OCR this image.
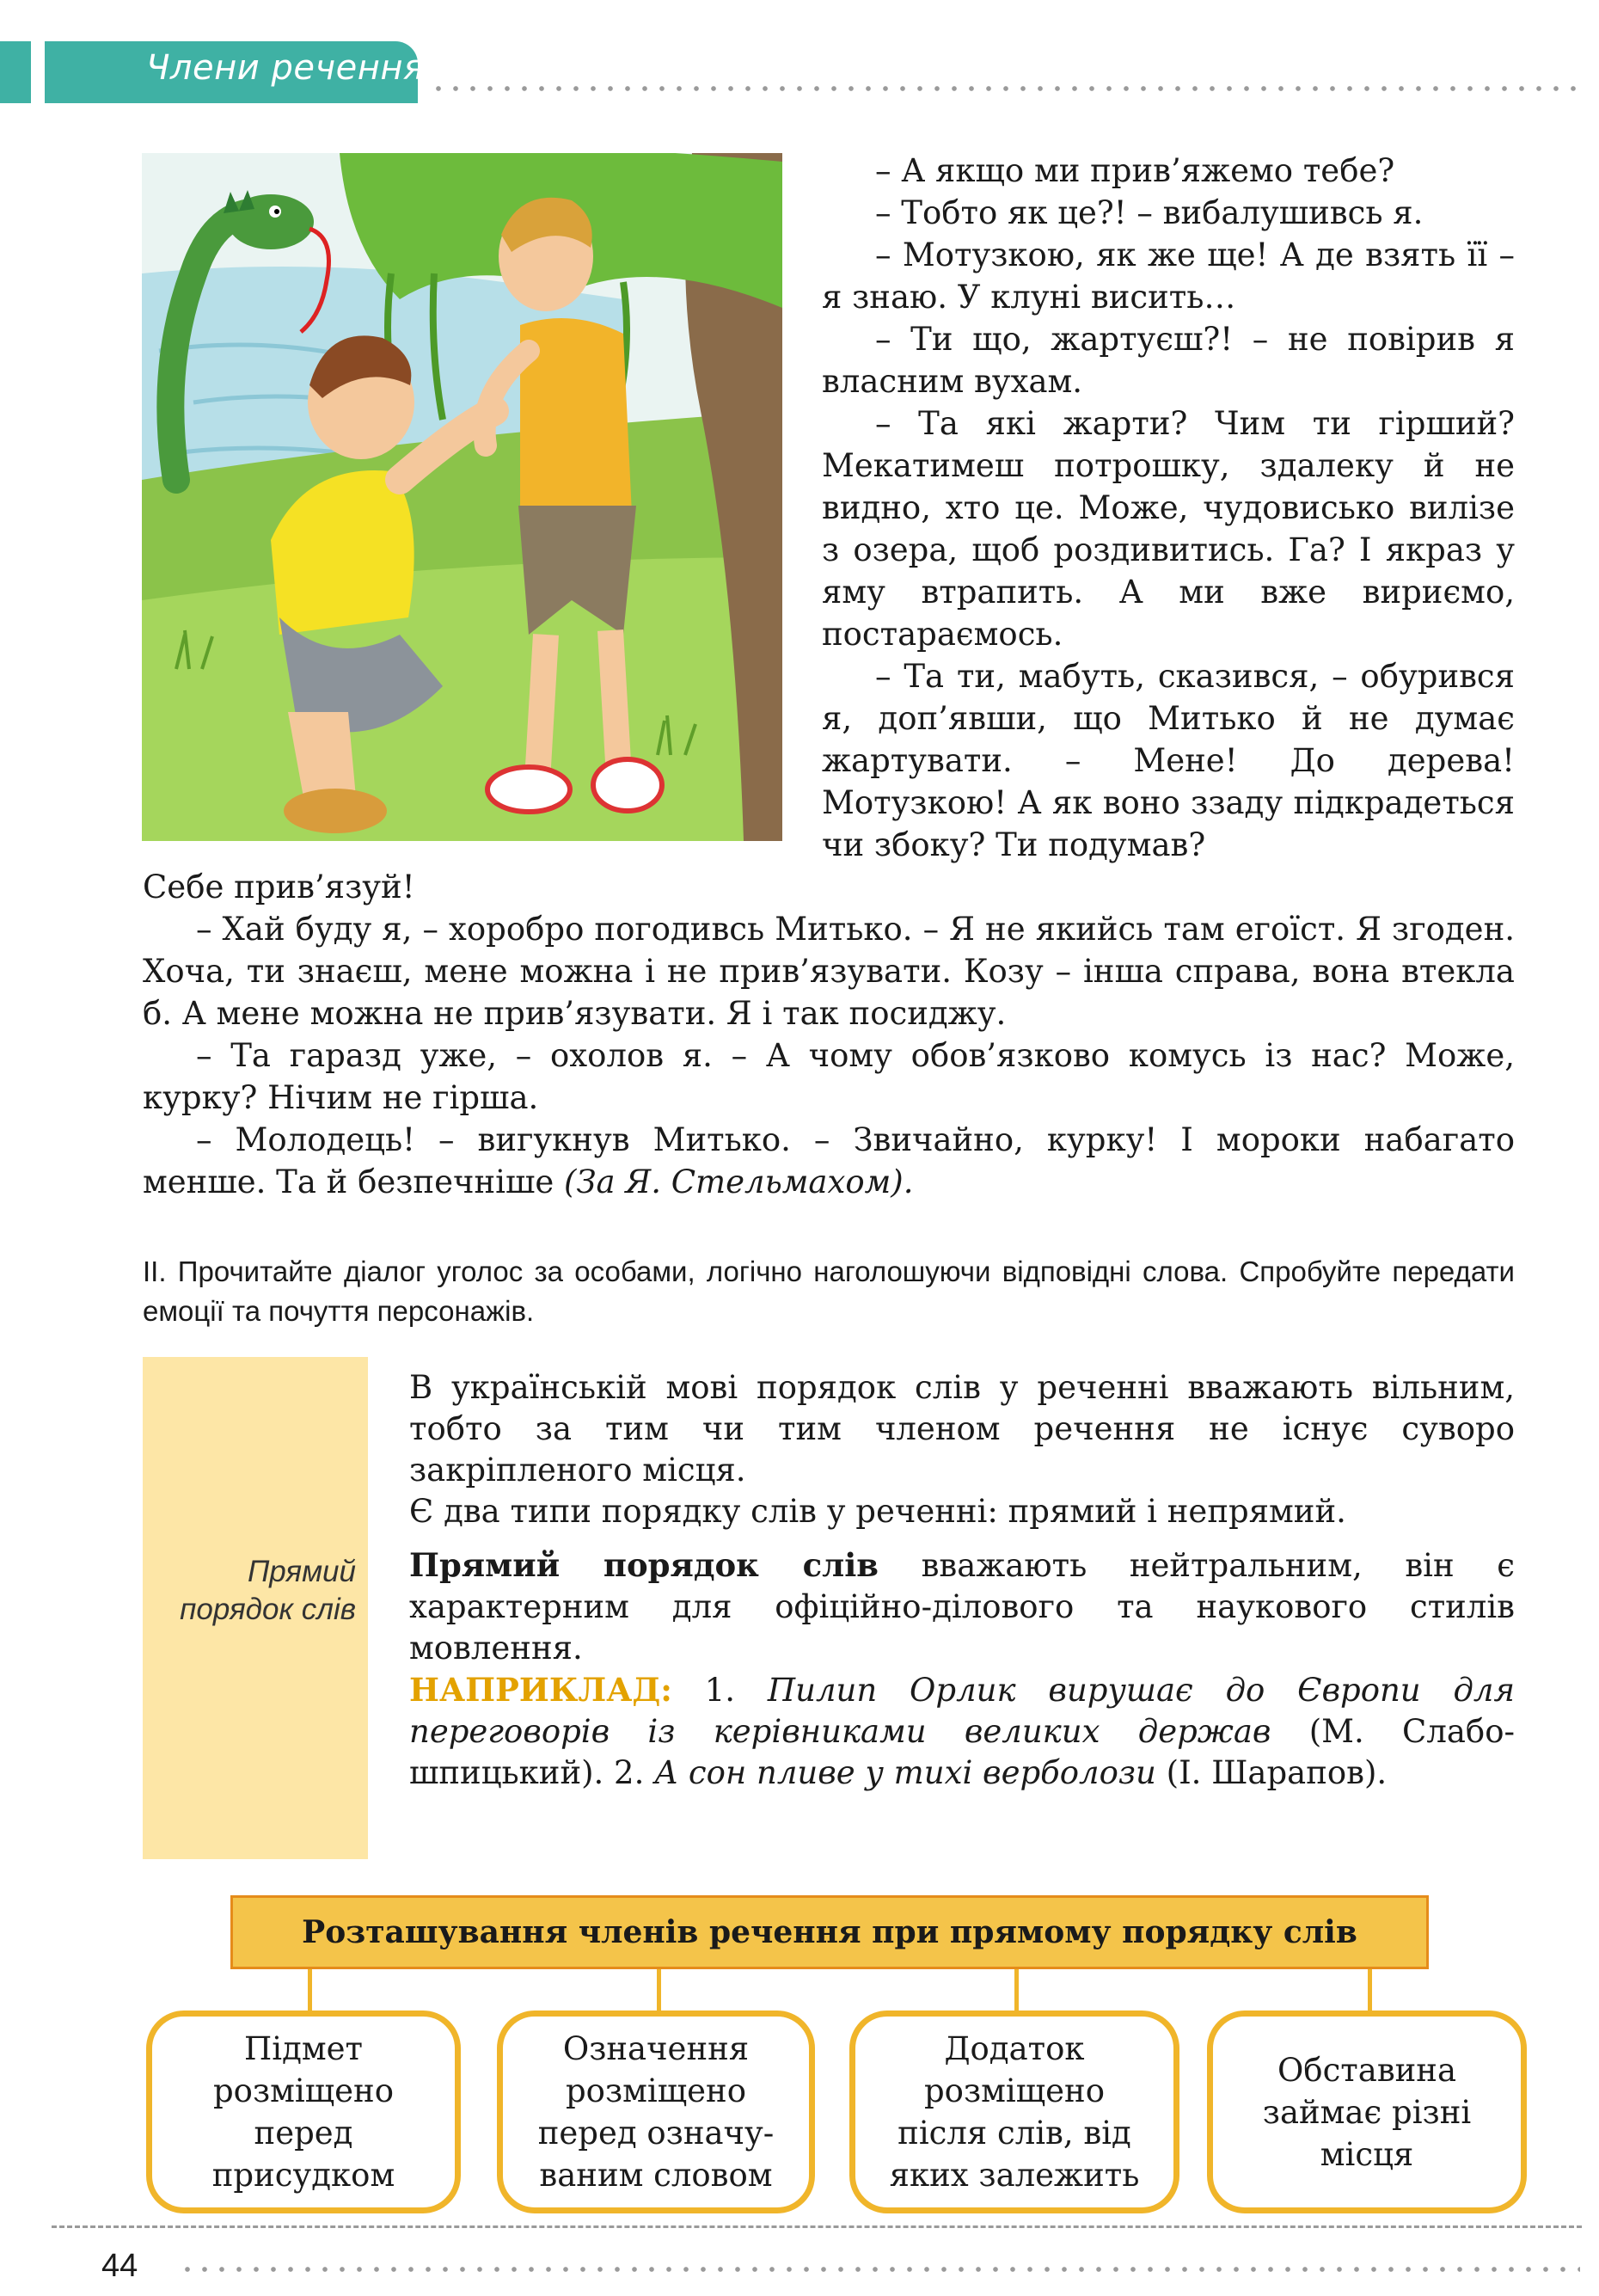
Члени речення

– А якщо ми прив’яжемо тебе?

– Тобто як це?! – вибалушивсь я.

– Мотузкою, як же ще! А де взять її – я знаю. У клуні висить…

– Ти що, жартуєш?! – не повірив я власним вухам.

– Та які жарти? Чим ти гірший? Мекатимеш потрошку, здалеку й не видно, хто це. Може, чудовисько вилізе з озера, щоб роздивитись. Га? І якраз у яму втрапить. А ми вже вириємо, постараємось.

– Та ти, мабуть, сказився, – обурився я, доп’явши, що Митько й не думає жартувати. – Мене! До дерева! Мотузкою! А як воно ззаду підкрадеться чи збоку? Ти подумав?

Себе прив’язуй!

– Хай буду я, – хоробро погодивсь Митько. – Я не якийсь там егоїст. Я згоден. Хоча, ти знаєш, мене можна і не прив’язувати. Козу – інша справа, вона втекла б. А мене можна не прив’язувати. Я і так посиджу.

– Та гаразд уже, – охолов я. – А чому обов’язково комусь із нас? Може, курку? Нічим не гірша.

– Молодець! – вигукнув Митько. – Звичайно, курку! І мороки набагато менше. Та й безпечніше (За Я. Стельмахом).

ІІ. Прочитайте діалог уголос за особами, логічно наголошуючи відповідні слова. Спробуйте передати емоції та почуття персонажів.
Прямий порядок слів

В українській мові порядок слів у реченні вважають вільним, тобто за тим чи тим членом речення не існує суворо закріпленого місця.

Є два типи порядку слів у реченні: прямий і непрямий.

Прямий порядок слів вважають нейтральним, він є характерним для офіційно-ділового та наукового стилів мовлення.

НАПРИКЛАД: 1. Пилип Орлик вирушає до Європи для переговорів із керівниками великих держав (М. Слабошпицький). 2. А сон пливе у тихі верболози (І. Шарапов).

Розташування членів речення при прямому порядку слів
Підмет
розміщено
перед
присудком
Означення
розміщено
перед означу-
ваним словом
Додаток
розміщено
після слів, від
яких залежить
Обставина
займає різні
місця
44
